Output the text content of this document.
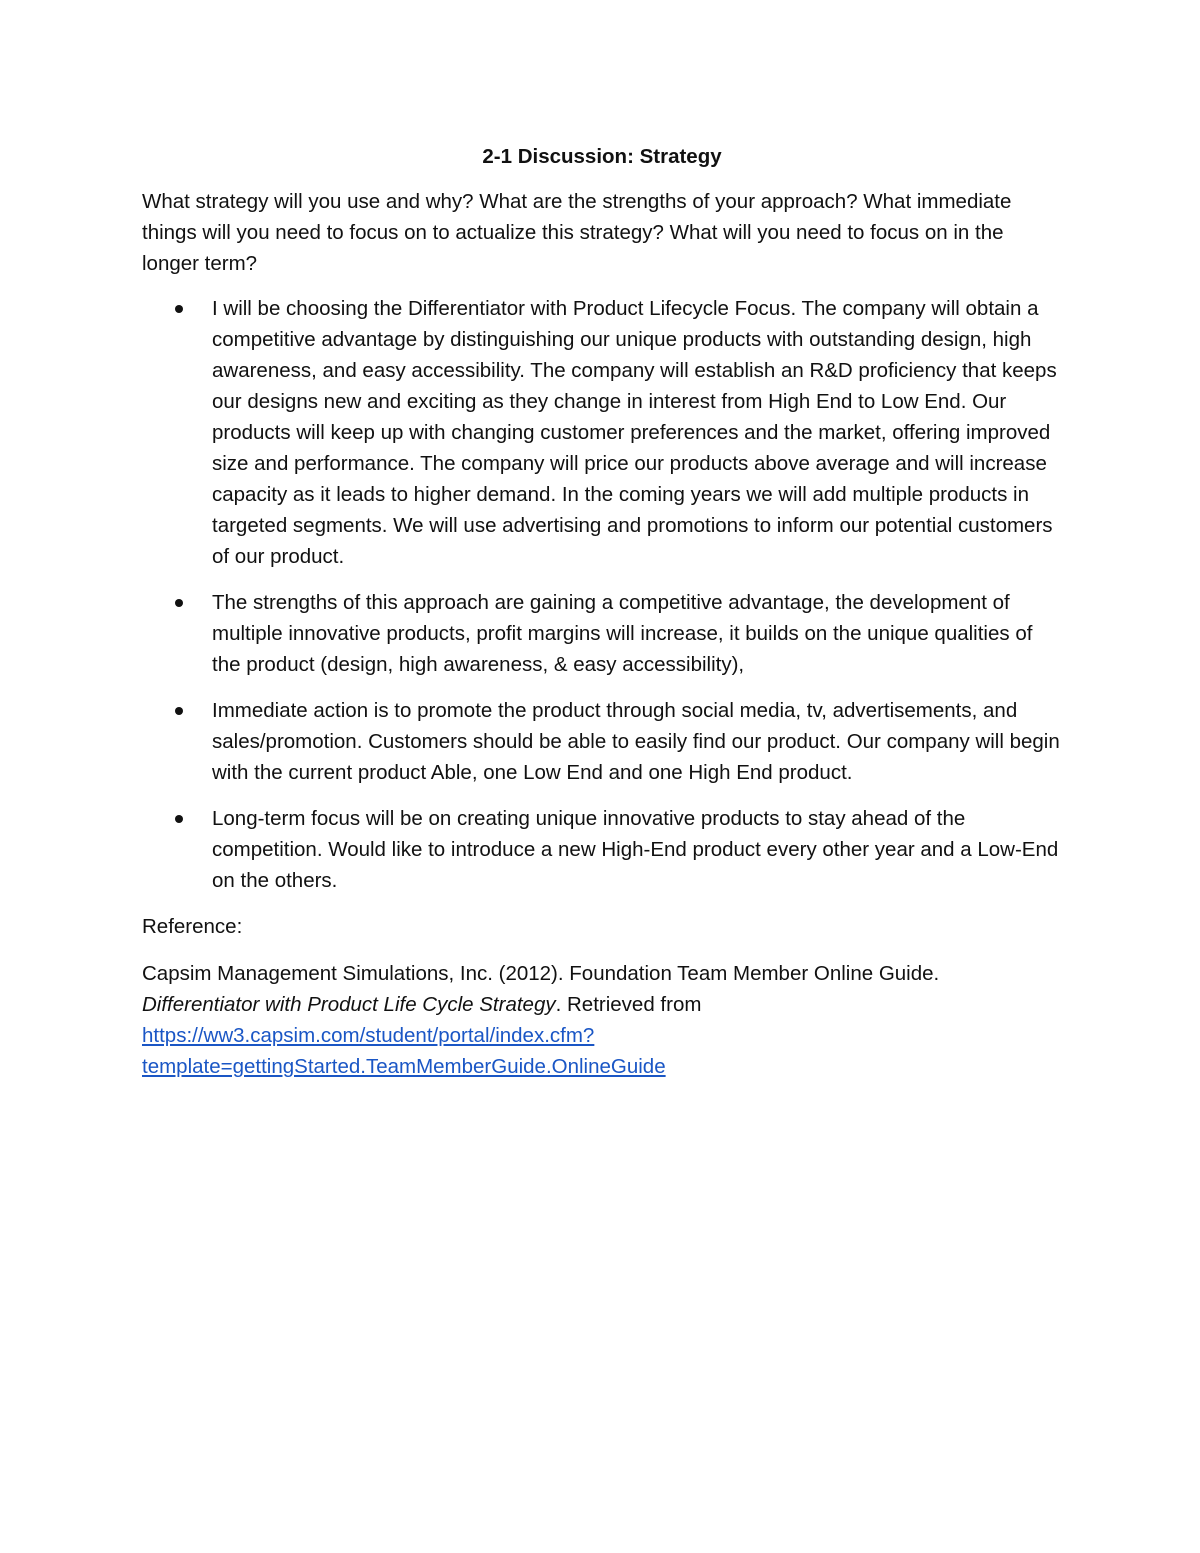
2-1 Discussion: Strategy

What strategy will you use and why? What are the strengths of your approach? What immediate things will you need to focus on to actualize this strategy? What will you need to focus on in the longer term?

I will be choosing the Differentiator with Product Lifecycle Focus. The company will obtain a competitive advantage by distinguishing our unique products with outstanding design, high awareness, and easy accessibility. The company will establish an R&D proficiency that keeps our designs new and exciting as they change in interest from High End to Low End. Our products will keep up with changing customer preferences and the market, offering improved size and performance. The company will price our products above average and will increase capacity as it leads to higher demand. In the coming years we will add multiple products in targeted segments. We will use advertising and promotions to inform our potential customers of our product.
The strengths of this approach are gaining a competitive advantage, the development of multiple innovative products, profit margins will increase, it builds on the unique qualities of the product (design, high awareness, & easy accessibility),
Immediate action is to promote the product through social media, tv, advertisements, and sales/promotion. Customers should be able to easily find our product. Our company will begin with the current product Able, one Low End and one High End product.
Long-term focus will be on creating unique innovative products to stay ahead of the competition. Would like to introduce a new High-End product every other year and a Low-End on the others.

Reference:

Capsim Management Simulations, Inc. (2012). Foundation Team Member Online Guide. Differentiator with Product Life Cycle Strategy. Retrieved from https://ww3.capsim.com/student/portal/index.cfm?template=gettingStarted.TeamMemberGuide.OnlineGuide
